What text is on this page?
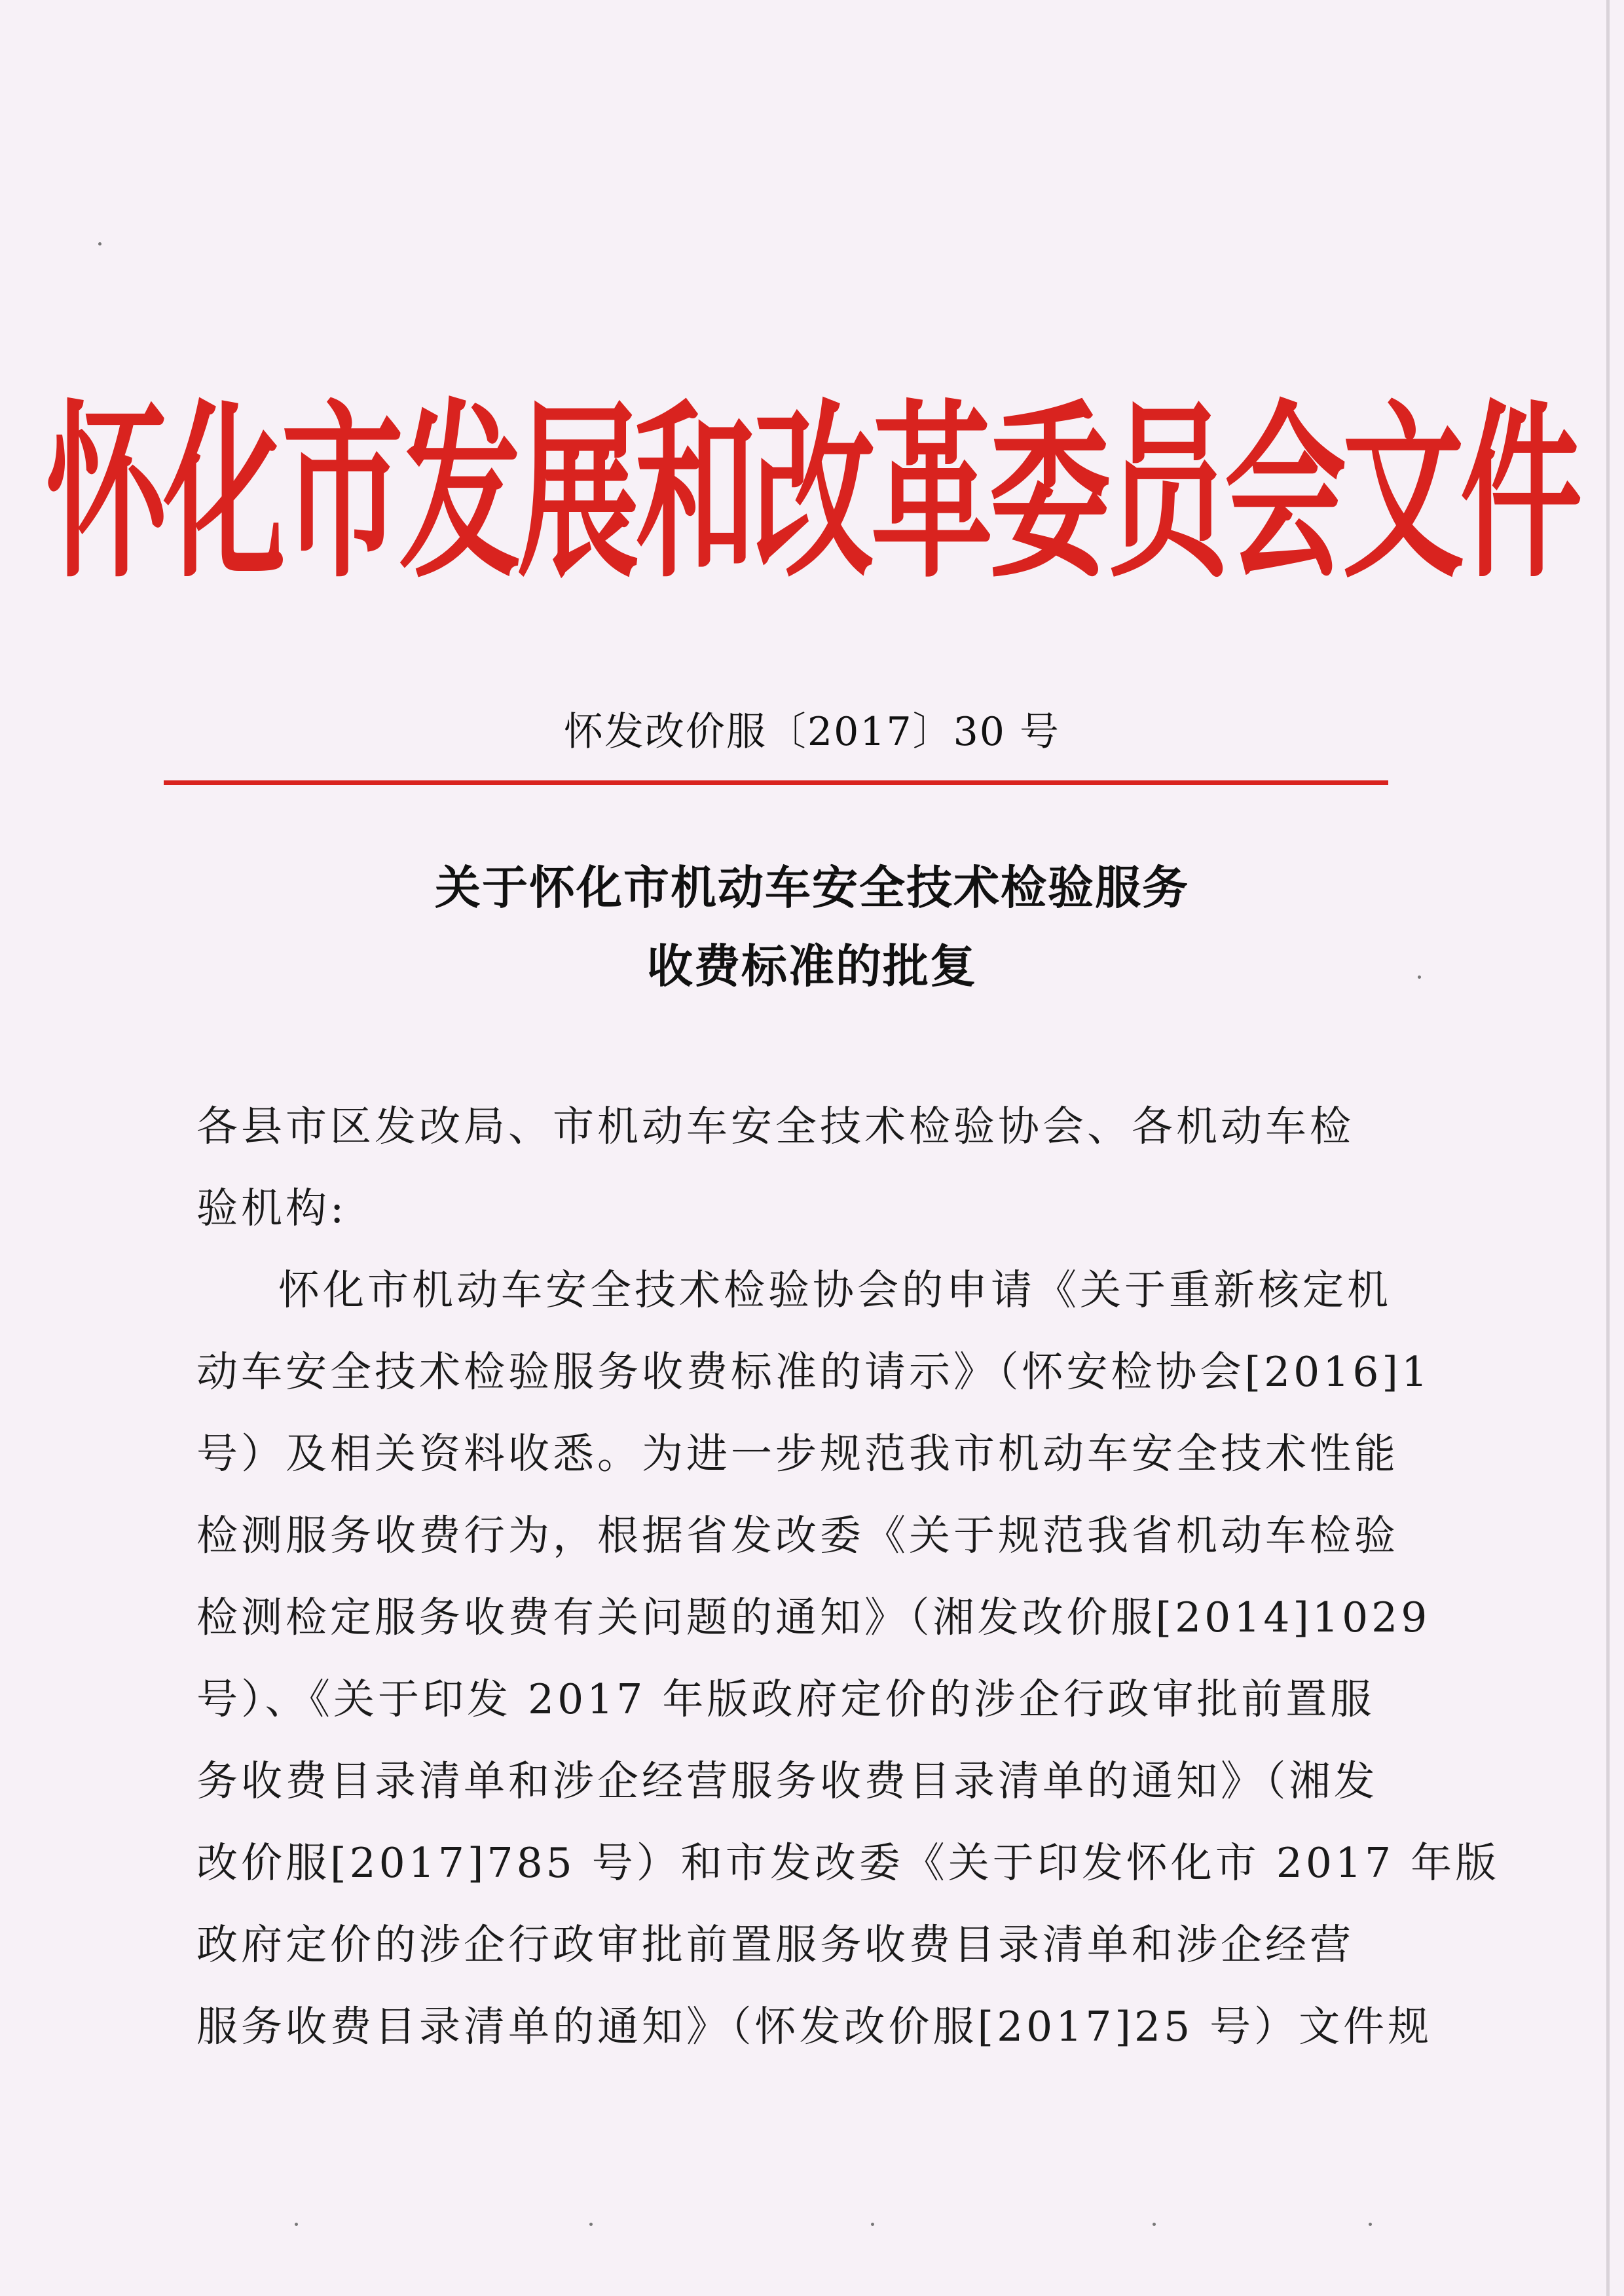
怀化市发展和改革委员会文件
怀发改价服〔2017〕30 号
关于怀化市机动车安全技术检验服务
收费标准的批复
各县市区发改局、市机动车安全技术检验协会、各机动车检
验机构:
怀化市机动车安全技术检验协会的申请《关于重新核定机
动车安全技术检验服务收费标准的请示》（怀安检协会[2016]1
号）及相关资料收悉。为进一步规范我市机动车安全技术性能
检测服务收费行为，根据省发改委《关于规范我省机动车检验
检测检定服务收费有关问题的通知》（湘发改价服[2014]1029
号）、《关于印发 2017 年版政府定价的涉企行政审批前置服
务收费目录清单和涉企经营服务收费目录清单的通知》（湘发
改价服[2017]785 号）和市发改委《关于印发怀化市 2017 年版
政府定价的涉企行政审批前置服务收费目录清单和涉企经营
服务收费目录清单的通知》（怀发改价服[2017]25 号）文件规
